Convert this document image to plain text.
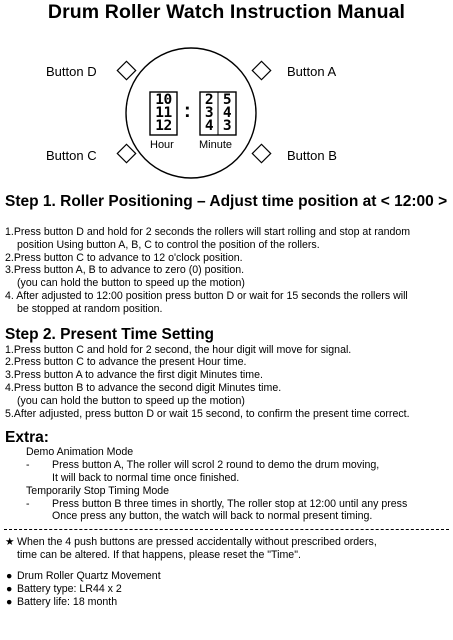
Drum Roller Watch Instruction Manual
Button D	Button A
Button C	Button B
10
11
12
: 2
3
4
5
4
3
Hour Minute
Step 1. Roller Positioning – Adjust time position at < 12:00 >
1.Press button D and hold for 2 seconds the rollers will start rolling and stop at random
position Using button A, B, C to control the position of the rollers.
2.Press button C to advance to 12 o'clock position.
3.Press button A, B to advance to zero (0) position.
(you can hold the button to speed up the motion)
4. After adjusted to 12:00 position press button D or wait for 15 seconds the rollers will
be stopped at random position.
Step 2. Present Time Setting
1.Press button C and hold for 2 second, the hour digit will move for signal.
2.Press button C to advance the present Hour time.
3.Press button A to advance the first digit Minutes time.
4.Press button B to advance the second digit Minutes time.
(you can hold the button to speed up the motion)
5.After adjusted, press button D or wait 15 second, to confirm the present time correct.
Extra:
Demo Animation Mode
- Press button A, The roller will scrol 2 round to demo the drum moving,
It will back to normal time once finished.
Temporarily Stop Timing Mode
- Press button B three times in shortly, The roller stop at 12:00 until any press
Once press any button, the watch will back to normal present timing.
★ When the 4 push buttons are pressed accidentally without prescribed orders,
time can be altered. If that happens, please reset the "Time".
● Drum Roller Quartz Movement
● Battery type: LR44 x 2
● Battery life: 18 month
